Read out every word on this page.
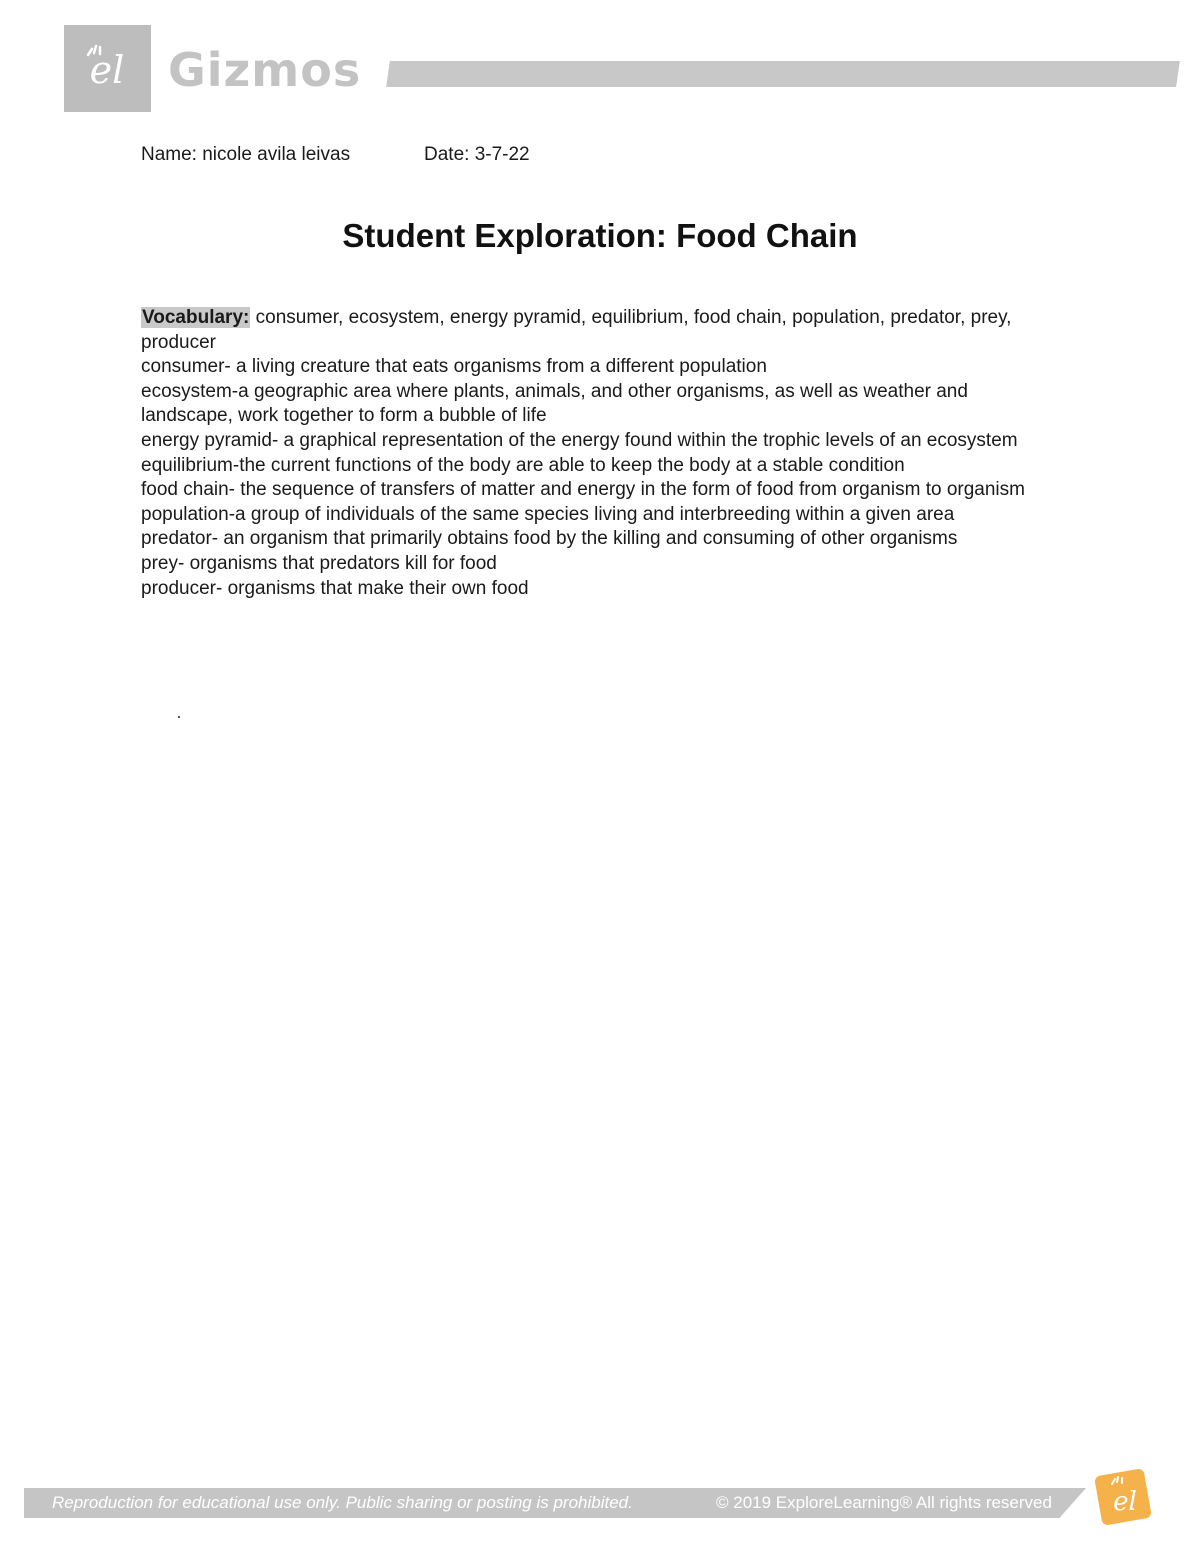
el Gizmos
Name: nicole avila leivas	Date: 3-7-22
Student Exploration: Food Chain

Vocabulary: consumer, ecosystem, energy pyramid, equilibrium, food chain, population, predator, prey, producer

consumer- a living creature that eats organisms from a different population

ecosystem-a geographic area where plants, animals, and other organisms, as well as weather and landscape, work together to form a bubble of life

energy pyramid- a graphical representation of the energy found within the trophic levels of an ecosystem

equilibrium-the current functions of the body are able to keep the body at a stable condition

food chain- the sequence of transfers of matter and energy in the form of food from organism to organism

population-a group of individuals of the same species living and interbreeding within a given area

predator- an organism that primarily obtains food by the killing and consuming of other organisms

prey- organisms that predators kill for food

producer- organisms that make their own food

Reproduction for educational use only. Public sharing or posting is prohibited.	© 2019 ExploreLearning® All rights reserved el
